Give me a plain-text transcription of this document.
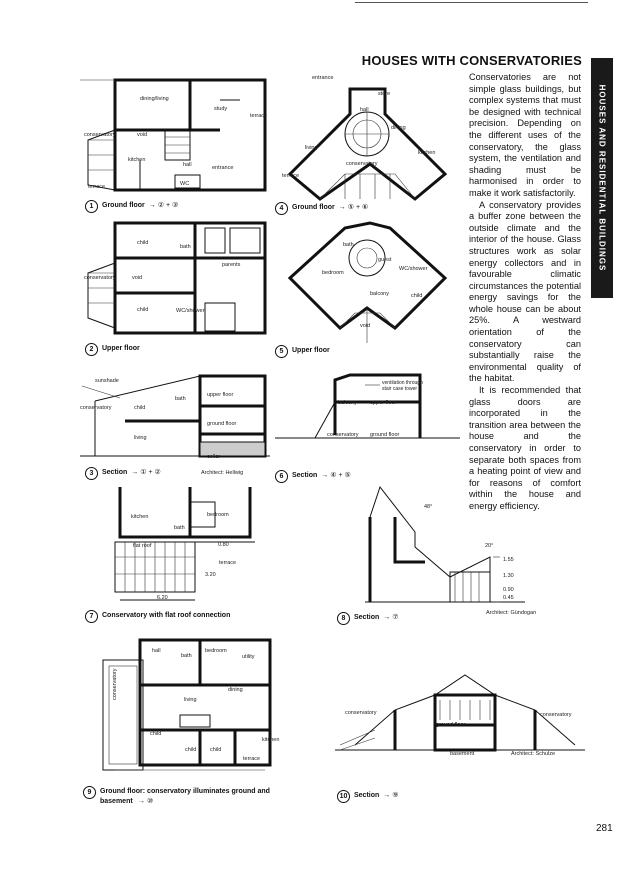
HOUSES WITH CONSERVATORIES
HOUSES AND RESIDENTIAL BUILDINGS

Conservatories are not simple glass buildings, but complex systems that must be designed with technical precision. Depending on the different uses of the conservatory, the glass system, the ventilation and shading must be harmonised in order to make it work satisfactorily.

A conservatory provides a buffer zone between the outside climate and the interior of the house. Glass structures work as solar energy collectors and in favourable climatic circumstances the potential energy savings for the whole house can be about 25%. A westward orientation of the conservatory can substantially raise the environmental quality of the habitat.

It is recommended that glass doors are incorporated in the transition area between the house and the conservatory in order to separate both spaces from a heating point of view and for reasons of comfort within the house and energy efficiency.

dining/living
study
terrace
conservatory	void
kitchen
hall	entrance
WC
terrace
1	Ground floor → ② + ③
child
bath
parents
conservatory	void
child	WC/shower
2	Upper floor
sunshade
conservatory	child
bath
upper floor
ground floor
living
cellar
3	Section → ① + ②	Architect: Hellwig
entrance
store
hall
dining
living
kitchen
conservatory
terrace
4	Ground floor → ⑤ + ⑥
bath
guest
bedroom
WC/shower
balcony	child
void
5	Upper floor
ventilation through stair case tower
balcony upper floor
conservatory ground floor
6	Section → ④ + ⑤
kitchen	bedroom
bath
flat roof	0.80
terrace
3.20
6.20
7	Conservatory with flat roof connection
48°
20°
1.55
1.30
0.90
0.45
8	Section → ⑦
Architect: Gündogan
hall
bath
bedroom
utility
dining
living
conservatory
child
child child
kitchen
terrace
9	Ground floor: conservatory illuminates ground and basement → ⑩
conservatory
ground floor
basement
conservatory
Architect: Schulze
10 Section → ⑨
281
